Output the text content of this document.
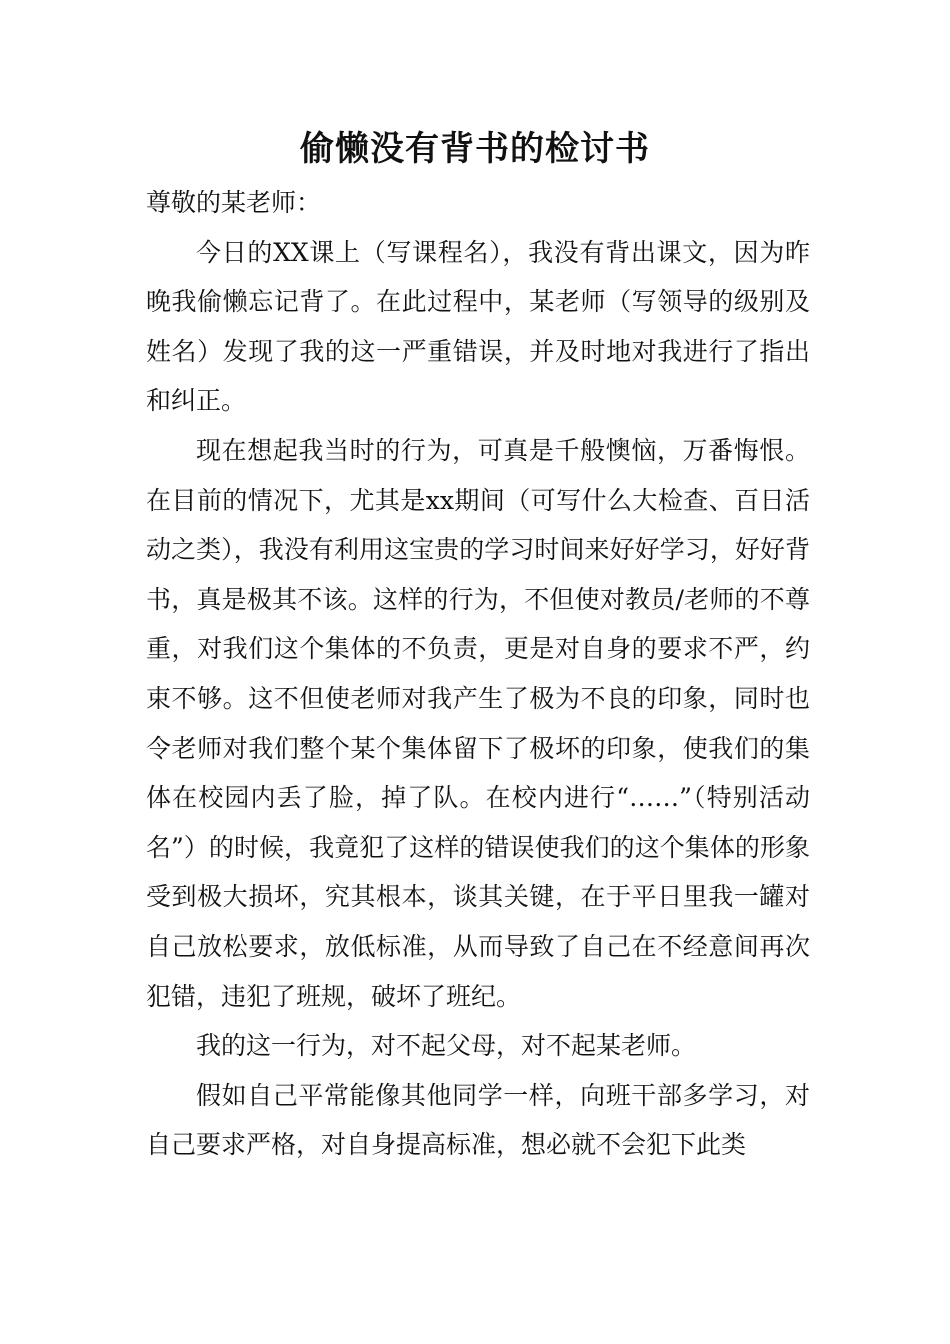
偷懒没有背书的检讨书

尊敬的某老师：

今日的XX课上（写课程名），我没有背出课文，因为昨晚我偷懒忘记背了。在此过程中，某老师（写领导的级别及姓名）发现了我的这一严重错误，并及时地对我进行了指出和纠正。

现在想起我当时的行为，可真是千般懊恼，万番悔恨。在目前的情况下，尤其是xx期间（可写什么大检查、百日活动之类），我没有利用这宝贵的学习时间来好好学习，好好背书，真是极其不该。这样的行为，不但使对教员/老师的不尊重，对我们这个集体的不负责，更是对自身的要求不严，约束不够。这不但使老师对我产生了极为不良的印象，同时也令老师对我们整个某个集体留下了极坏的印象，使我们的集体在校园内丢了脸，掉了队。在校内进行“……”（特别活动名”）的时候，我竟犯了这样的错误使我们的这个集体的形象受到极大损坏，究其根本，谈其关键，在于平日里我一罐对自己放松要求，放低标准，从而导致了自己在不经意间再次犯错，违犯了班规，破坏了班纪。

我的这一行为，对不起父母，对不起某老师。

假如自己平常能像其他同学一样，向班干部多学习，对自己要求严格，对自身提高标准，想必就不会犯下此类
